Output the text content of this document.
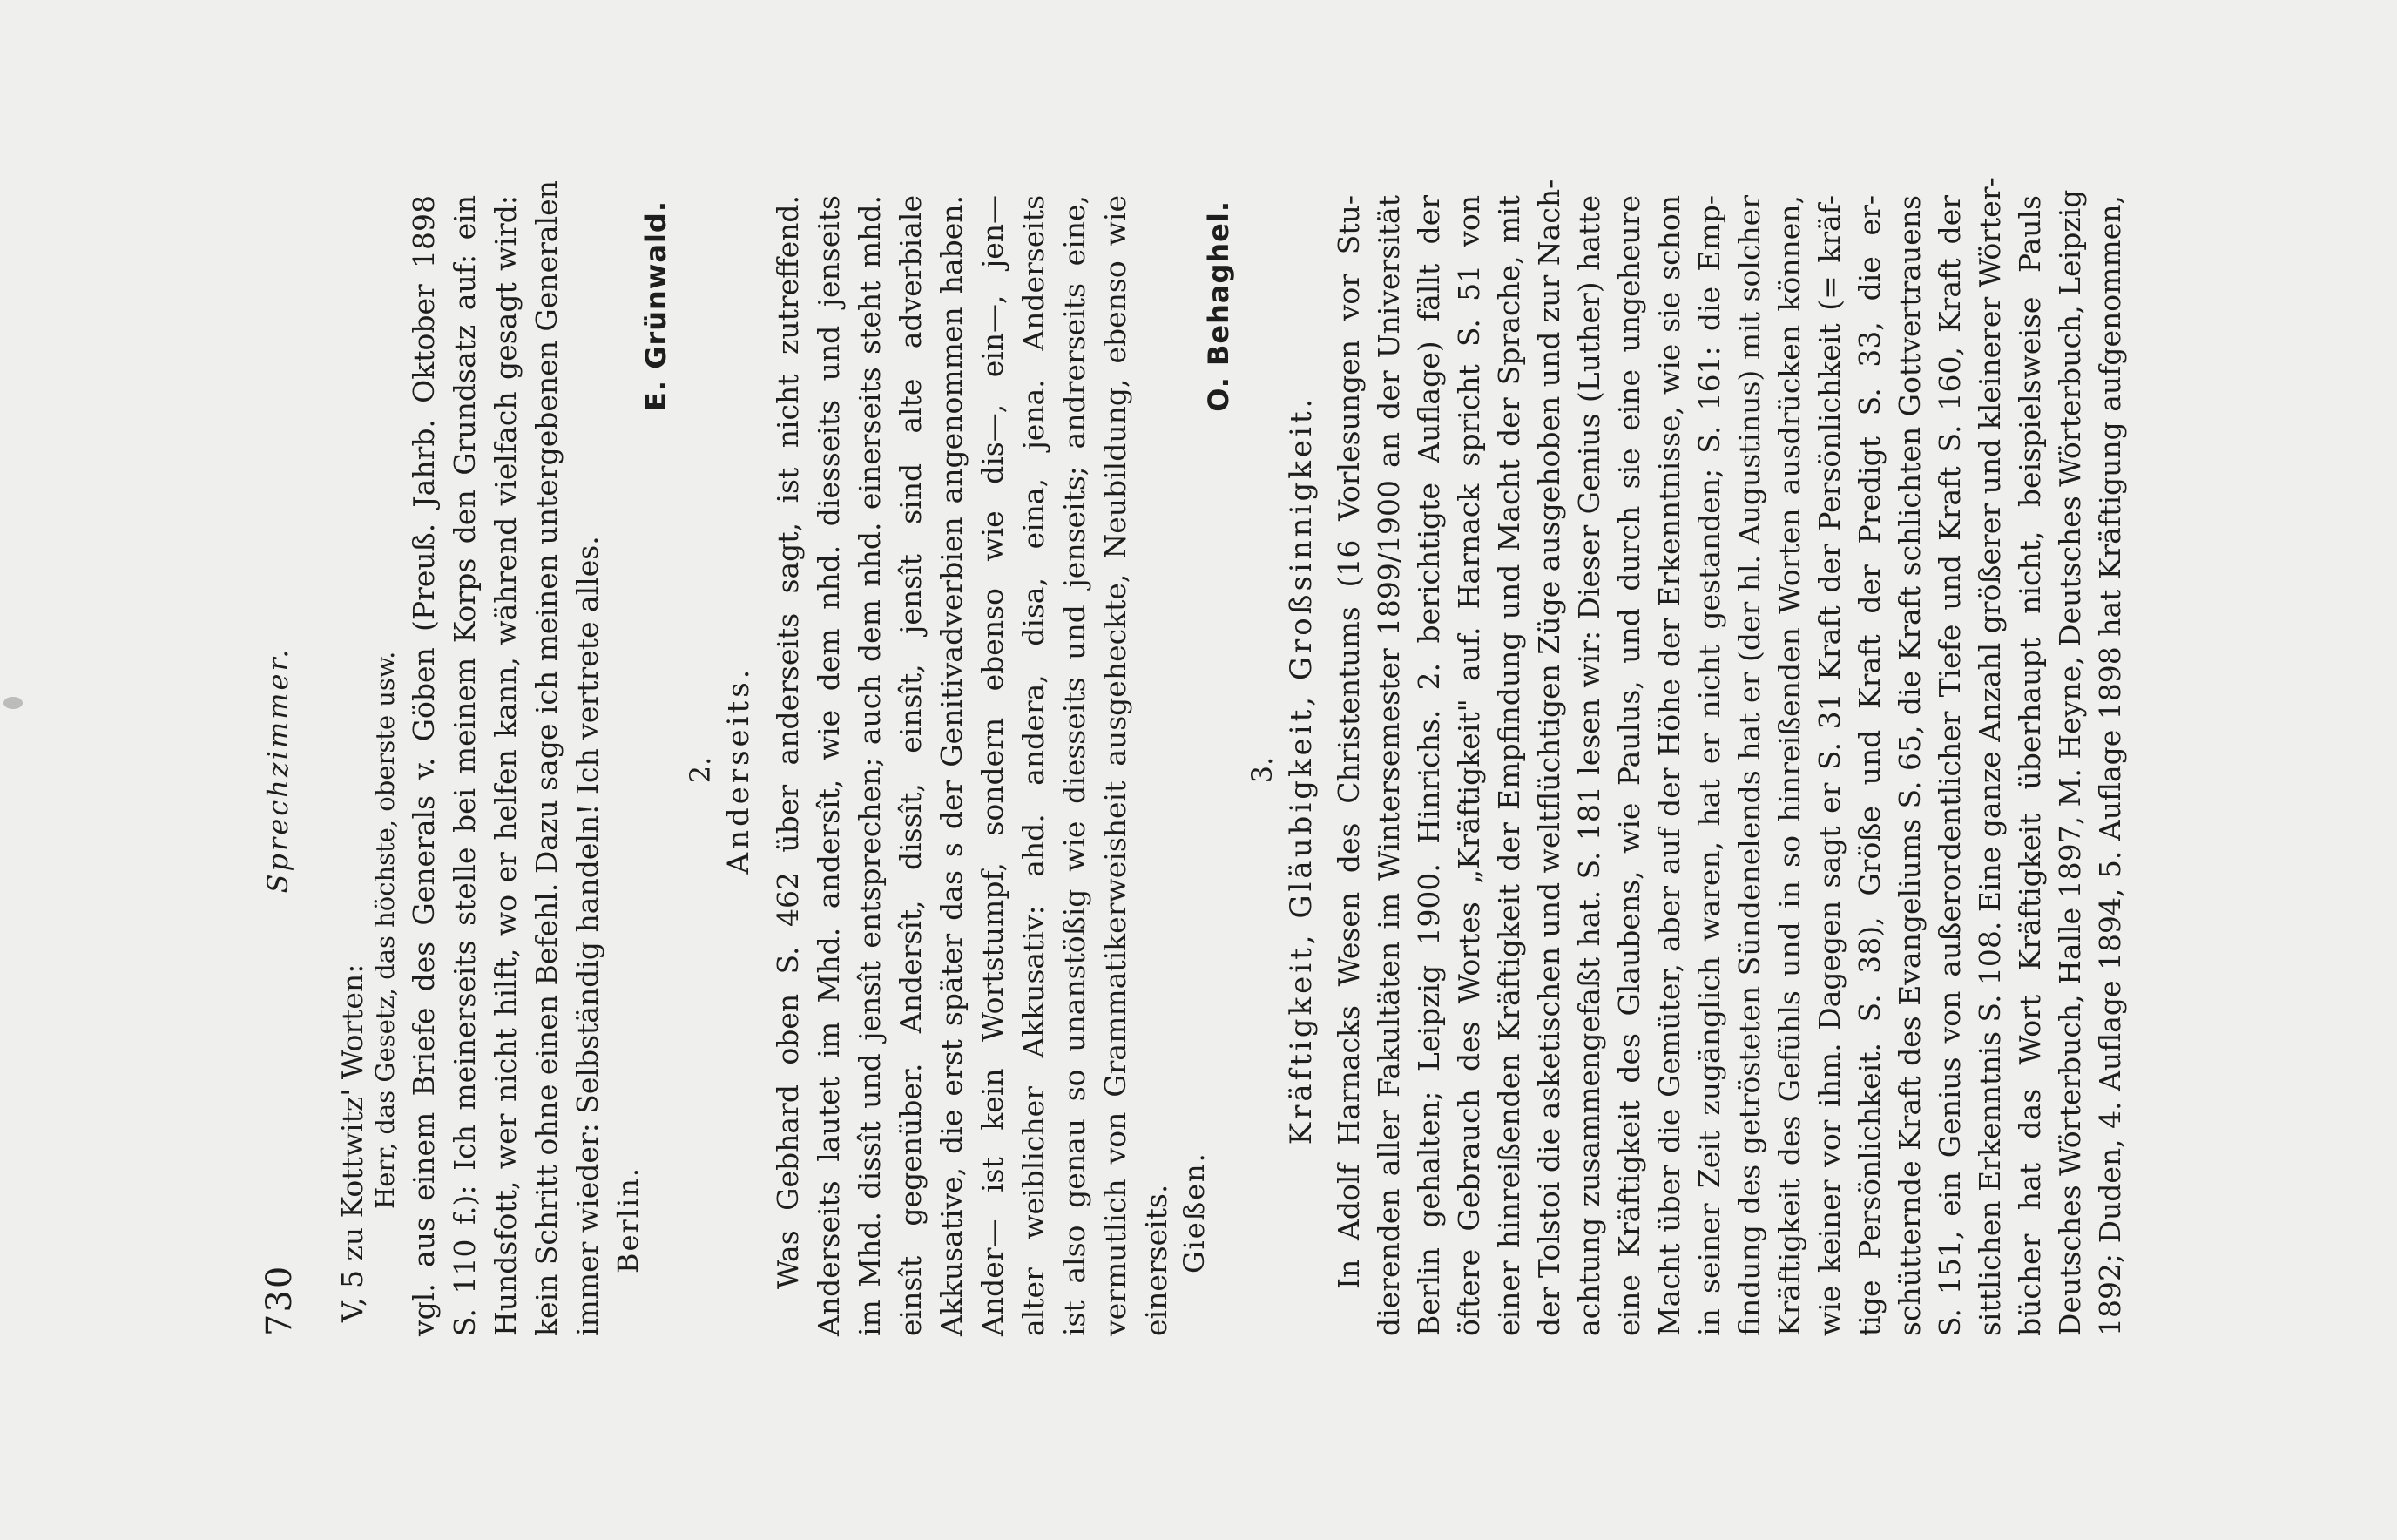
730
Sprechzimmer.
V, 5 zu Kottwitz' Worten: Herr, das Gesetz, das höchste, oberste usw. vgl. aus einem Briefe des Generals v. Göben (Preuß. Jahrb. Oktober 1898 S. 110 f.): Ich meinerseits stelle bei meinem Korps den Grundsatz auf: ein Hundsfott, wer nicht hilft, wo er helfen kann, während vielfach gesagt wird: kein Schritt ohne einen Befehl. Dazu sage ich meinen untergebenen Generalen immer wieder: Selbständig handeln! Ich vertrete alles. Berlin.
E. Grünwald.
2. Anderseits. Was Gebhard oben S. 462 über anderseits sagt, ist nicht zutreffend. Anderseits lautet im Mhd. andersît, wie dem nhd. diesseits und jenseits im Mhd. dissît und jensît entsprechen; auch dem nhd. einerseits steht mhd. einsît gegenüber. Andersît, dissît, einsît, jensît sind alte adverbiale Akkusative, die erst später das s der Genitivadverbien angenommen haben. Ander— ist kein Wortstumpf, sondern ebenso wie dis—, ein—, jen— alter weiblicher Akkusativ: ahd. andera, disa, eina, jena. Anderseits ist also genau so unanstößig wie diesseits und jenseits; andrerseits eine, vermutlich von Grammatikerweisheit ausgeheckte, Neubildung, ebenso wie einerseits. Gießen.
O. Behaghel.
3. Kräftigkeit, Gläubigkeit, Großsinnigkeit. In Adolf Harnacks Wesen des Christentums (16 Vorlesungen vor Stu- dierenden aller Fakultäten im Wintersemester 1899/1900 an der Universität Berlin gehalten; Leipzig 1900. Hinrichs. 2. berichtigte Auflage) fällt der öftere Gebrauch des Wortes „Kräftigkeit" auf. Harnack spricht S. 51 von einer hinreißenden Kräftigkeit der Empfindung und Macht der Sprache, mit der Tolstoi die asketischen und weltflüchtigen Züge ausgehoben und zur Nach- achtung zusammengefaßt hat. S. 181 lesen wir: Dieser Genius (Luther) hatte eine Kräftigkeit des Glaubens, wie Paulus, und durch sie eine ungeheure Macht über die Gemüter, aber auf der Höhe der Erkenntnisse, wie sie schon in seiner Zeit zugänglich waren, hat er nicht gestanden; S. 161: die Emp- findung des getrösteten Sündenelends hat er (der hl. Augustinus) mit solcher Kräftigkeit des Gefühls und in so hinreißenden Worten ausdrücken können, wie keiner vor ihm. Dagegen sagt er S. 31 Kraft der Persönlichkeit (= kräf- tige Persönlichkeit. S. 38), Größe und Kraft der Predigt S. 33, die er- schütternde Kraft des Evangeliums S. 65, die Kraft schlichten Gottvertrauens S. 151, ein Genius von außerordentlicher Tiefe und Kraft S. 160, Kraft der sittlichen Erkenntnis S. 108. Eine ganze Anzahl größerer und kleinerer Wörter- bücher hat das Wort Kräftigkeit überhaupt nicht, beispielsweise Pauls Deutsches Wörterbuch, Halle 1897, M. Heyne, Deutsches Wörterbuch, Leipzig 1892; Duden, 4. Auflage 1894, 5. Auflage 1898 hat Kräftigung aufgenommen,
